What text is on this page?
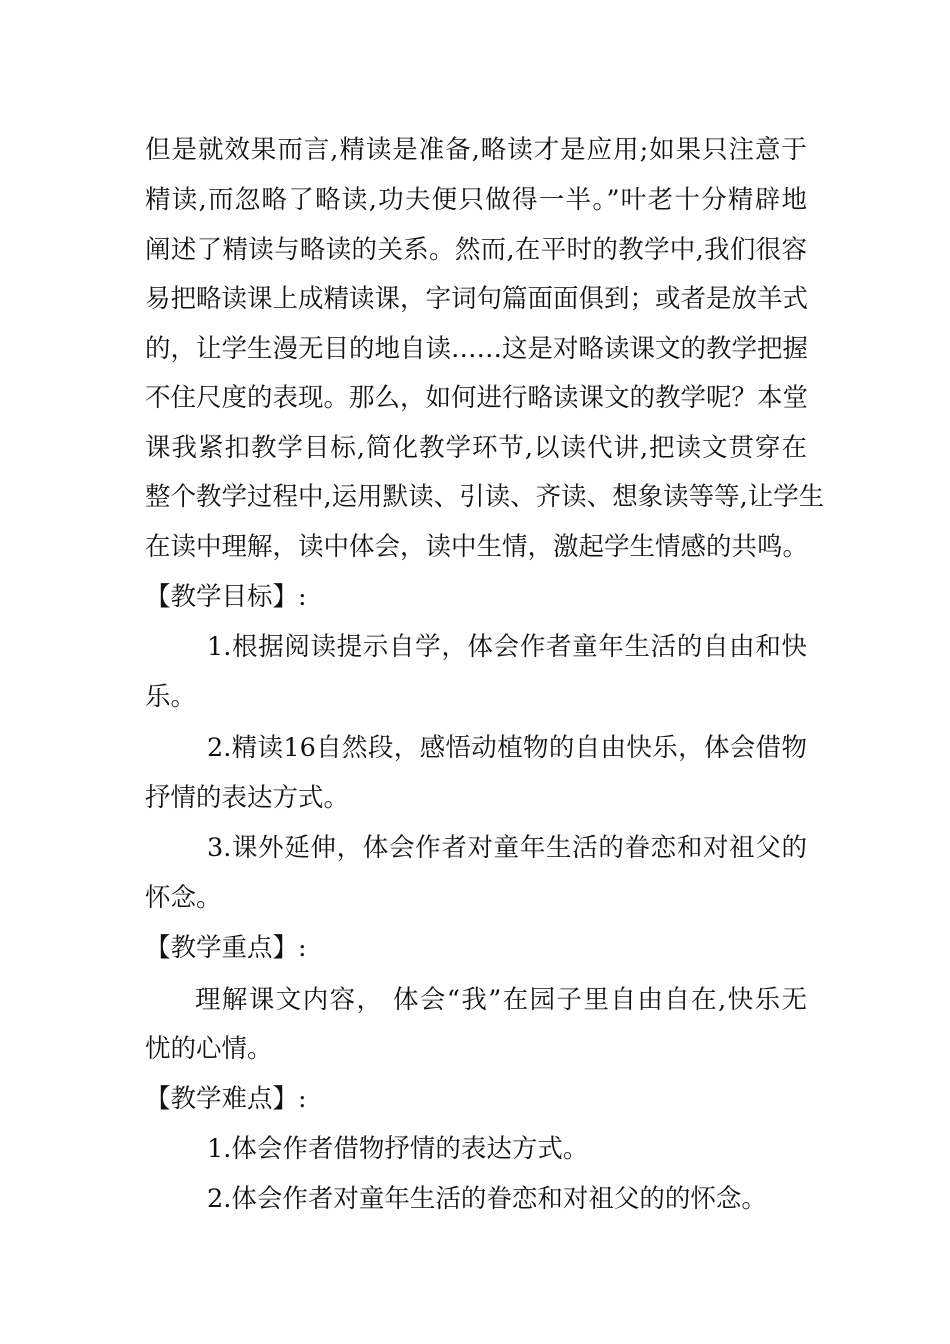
但是就效果而言,精读是准备,略读才是应用;如果只注意于
精读,而忽略了略读,功夫便只做得一半。”叶老十分精辟地
阐述了精读与略读的关系。然而,在平时的教学中,我们很容
易把略读课上成精读课，字词句篇面面俱到；或者是放羊式
的，让学生漫无目的地自读……这是对略读课文的教学把握
不住尺度的表现。那么，如何进行略读课文的教学呢？本堂
课我紧扣教学目标,简化教学环节,以读代讲,把读文贯穿在
整个教学过程中,运用默读、引读、齐读、想象读等等,让学生
在读中理解，读中体会，读中生情，激起学生情感的共鸣。
【教学目标】:
1.根据阅读提示自学，体会作者童年生活的自由和快
乐。
2.精读16自然段，感悟动植物的自由快乐，体会借物
抒情的表达方式。
3.课外延伸，体会作者对童年生活的眷恋和对祖父的
怀念。
【教学重点】:
理解课文内容， 体会“我”在园子里自由自在,快乐无
忧的心情。
【教学难点】:
1.体会作者借物抒情的表达方式。
2.体会作者对童年生活的眷恋和对祖父的的怀念。
